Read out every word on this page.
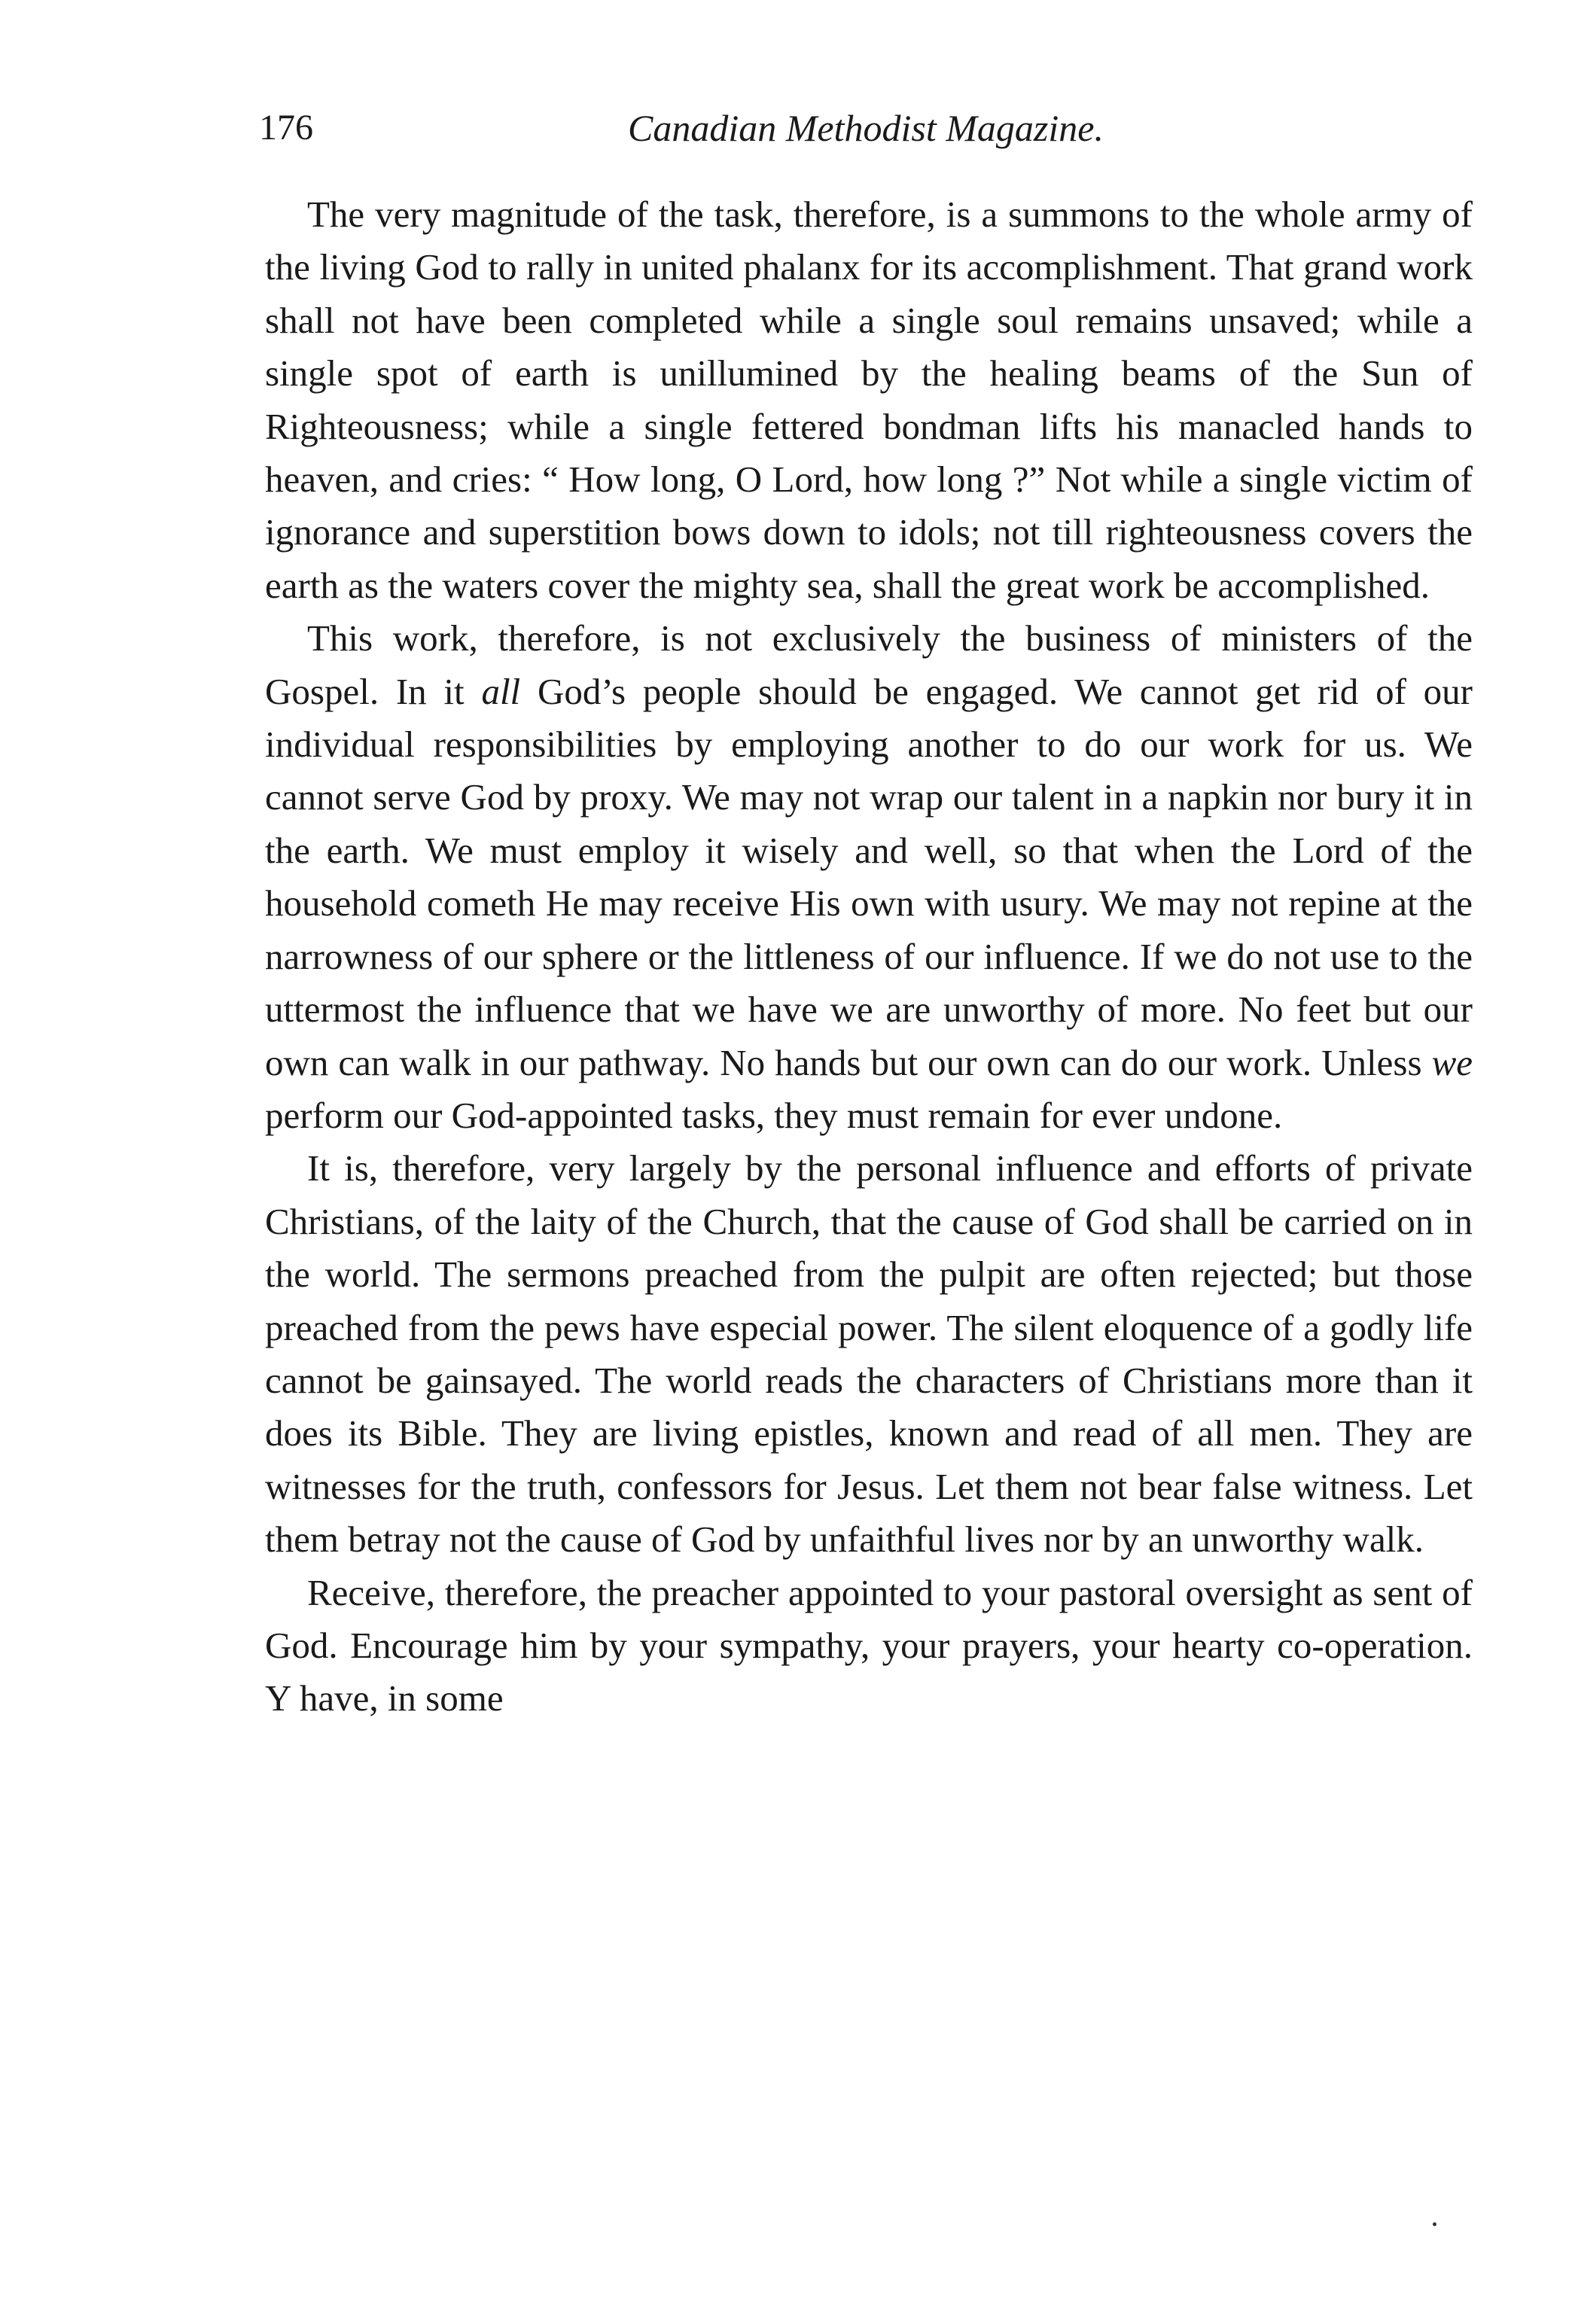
176	Canadian Methodist Magazine.

The very magnitude of the task, therefore, is a summons to the whole army of the living God to rally in united phalanx for its accomplishment. That grand work shall not have been completed while a single soul remains unsaved; while a single spot of earth is unillumined by the healing beams of the Sun of Righteousness; while a single fettered bondman lifts his manacled hands to heaven, and cries: “ How long, O Lord, how long ?” Not while a single victim of ignorance and superstition bows down to idols; not till righteousness covers the earth as the waters cover the mighty sea, shall the great work be accomplished.

This work, therefore, is not exclusively the business of ministers of the Gospel. In it all God’s people should be engaged. We cannot get rid of our individual responsibilities by employing another to do our work for us. We cannot serve God by proxy. We may not wrap our talent in a napkin nor bury it in the earth. We must employ it wisely and well, so that when the Lord of the household cometh He may receive His own with usury. We may not repine at the narrowness of our sphere or the littleness of our influence. If we do not use to the uttermost the influence that we have we are unworthy of more. No feet but our own can walk in our pathway. No hands but our own can do our work. Unless we perform our God-appointed tasks, they must remain for ever undone.

It is, therefore, very largely by the personal influence and efforts of private Christians, of the laity of the Church, that the cause of God shall be carried on in the world. The sermons preached from the pulpit are often rejected; but those preached from the pews have especial power. The silent eloquence of a godly life cannot be gainsayed. The world reads the characters of Christians more than it does its Bible. They are living epistles, known and read of all men. They are witnesses for the truth, confessors for Jesus. Let them not bear false witness. Let them betray not the cause of God by unfaithful lives nor by an unworthy walk.

Receive, therefore, the preacher appointed to your pastoral oversight as sent of God. Encourage him by your sympathy, your prayers, your hearty co-operation. Y have, in some
